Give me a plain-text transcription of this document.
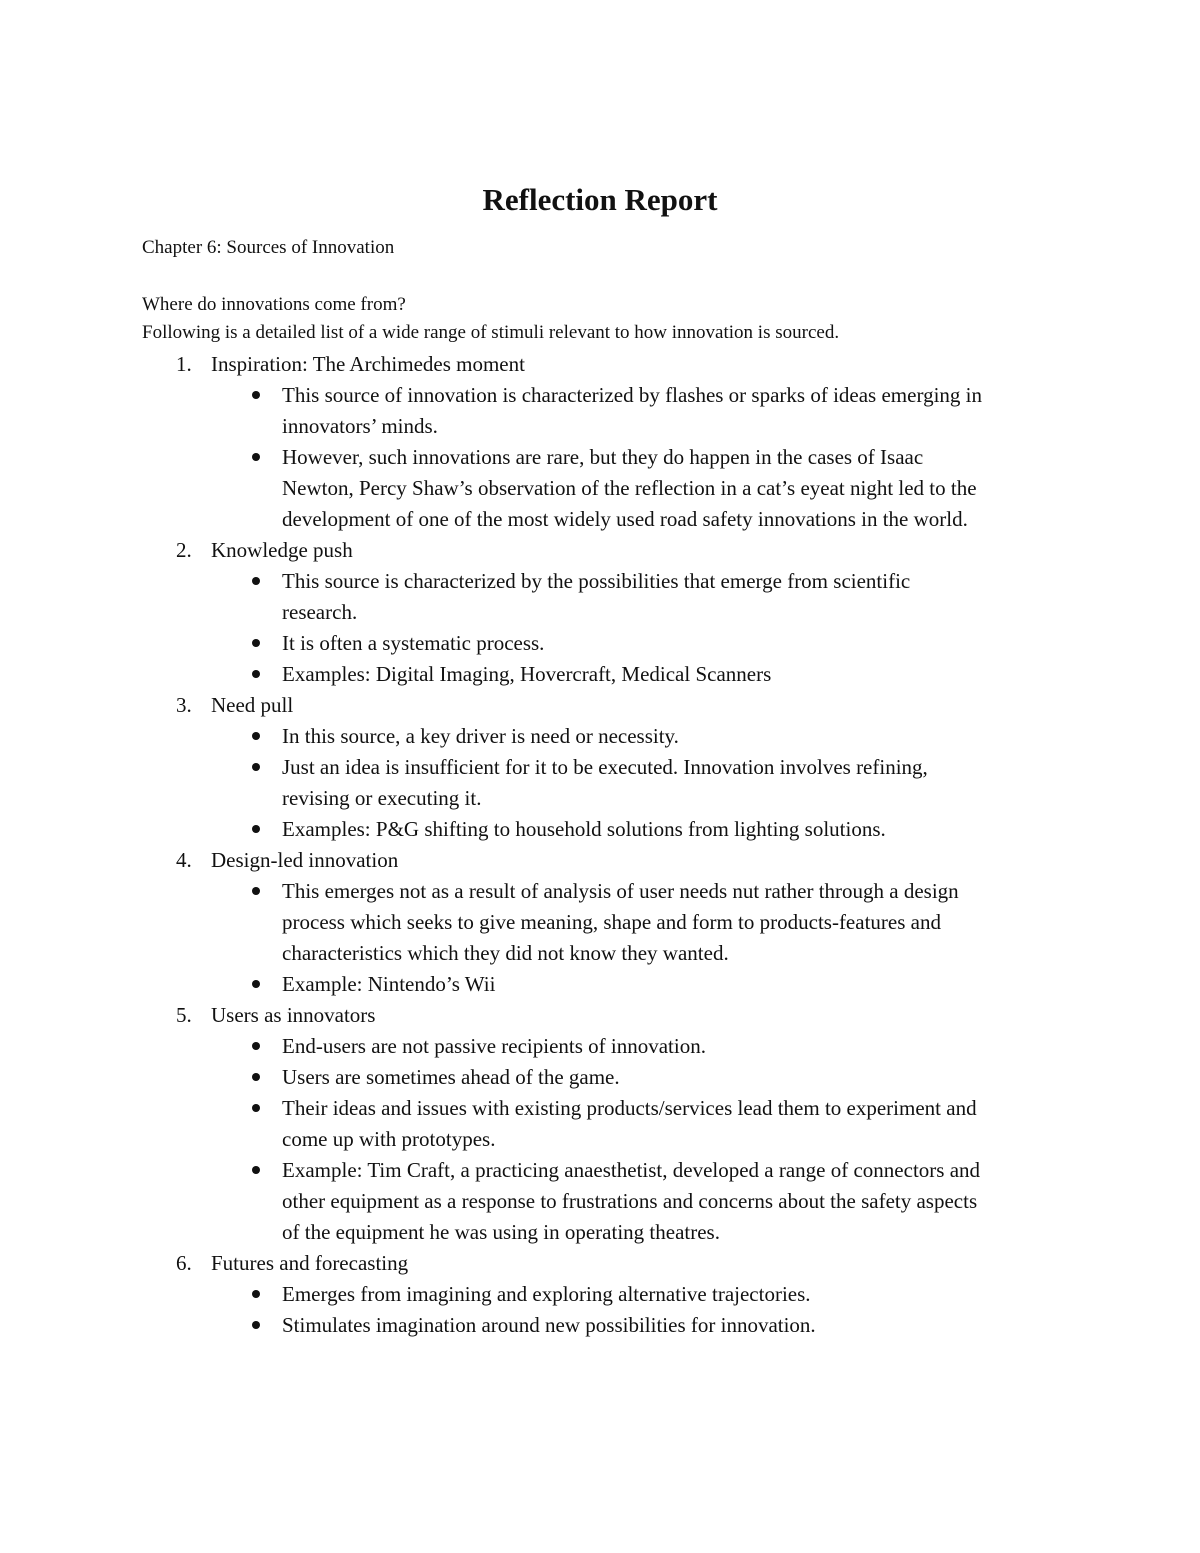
Reflection Report

Chapter 6: Sources of Innovation

Where do innovations come from?

Following is a detailed list of a wide range of stimuli relevant to how innovation is sourced.

1. Inspiration: The Archimedes moment
This source of innovation is characterized by flashes or sparks of ideas emerging in innovators’ minds.
However, such innovations are rare, but they do happen in the cases of Isaac Newton, Percy Shaw’s observation of the reflection in a cat’s eyeat night led to the development of one of the most widely used road safety innovations in the world.
2. Knowledge push
This source is characterized by the possibilities that emerge from scientific research.
It is often a systematic process.
Examples: Digital Imaging, Hovercraft, Medical Scanners
3. Need pull
In this source, a key driver is need or necessity.
Just an idea is insufficient for it to be executed. Innovation involves refining, revising or executing it.
Examples: P&G shifting to household solutions from lighting solutions.
4. Design-led innovation
This emerges not as a result of analysis of user needs nut rather through a design process which seeks to give meaning, shape and form to products-features and characteristics which they did not know they wanted.
Example: Nintendo’s Wii
5. Users as innovators
End-users are not passive recipients of innovation.
Users are sometimes ahead of the game.
Their ideas and issues with existing products/services lead them to experiment and come up with prototypes.
Example: Tim Craft, a practicing anaesthetist, developed a range of connectors and other equipment as a response to frustrations and concerns about the safety aspects of the equipment he was using in operating theatres.
6. Futures and forecasting
Emerges from imagining and exploring alternative trajectories.
Stimulates imagination around new possibilities for innovation.
